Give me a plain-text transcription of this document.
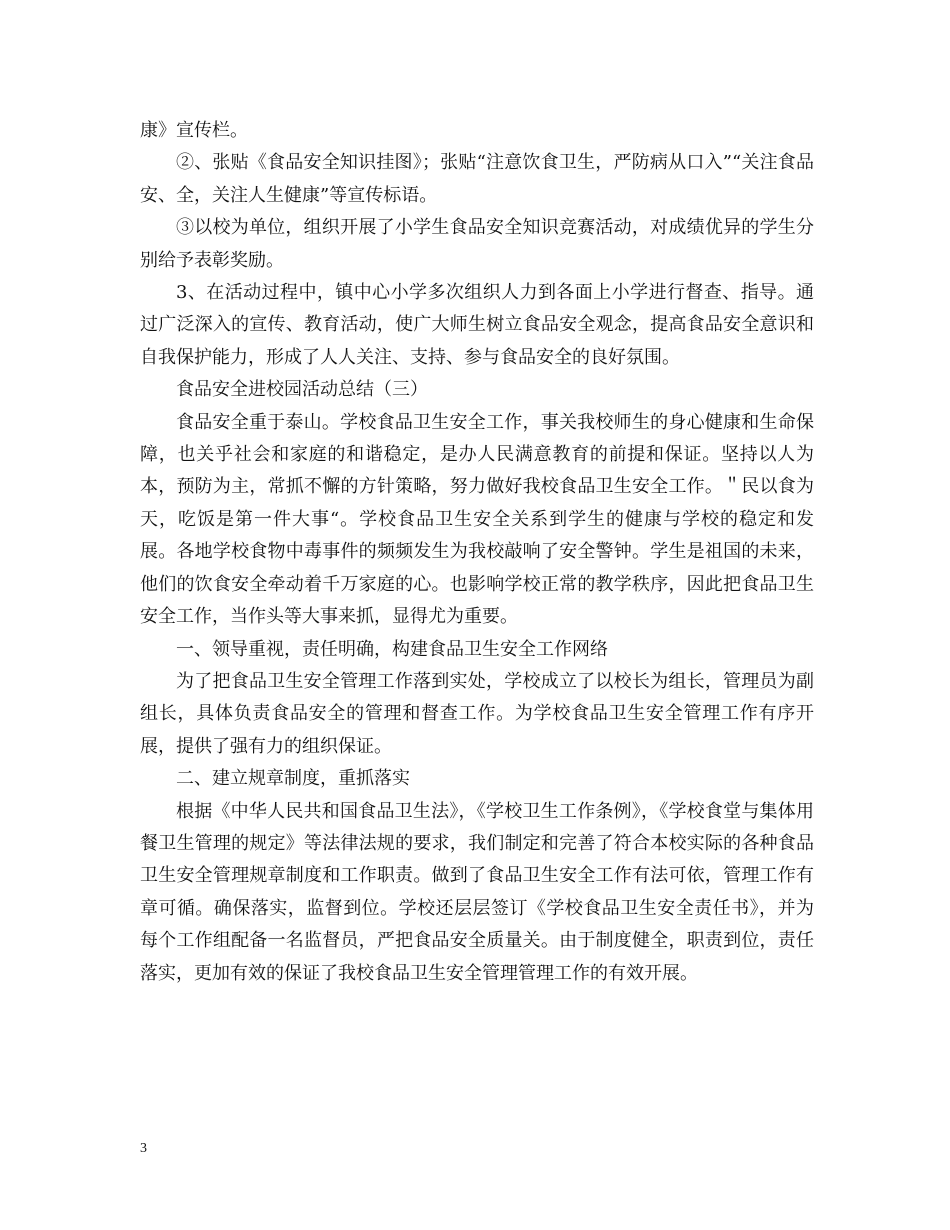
康》宣传栏。

②、张贴《食品安全知识挂图》；张贴“注意饮食卫生，严防病从口入”“关注食品安、全，关注人生健康”等宣传标语。

③以校为单位，组织开展了小学生食品安全知识竞赛活动，对成绩优异的学生分别给予表彰奖励。

3、在活动过程中，镇中心小学多次组织人力到各面上小学进行督查、指导。通过广泛深入的宣传、教育活动，使广大师生树立食品安全观念，提高食品安全意识和自我保护能力，形成了人人关注、支持、参与食品安全的良好氛围。

食品安全进校园活动总结（三）

食品安全重于泰山。学校食品卫生安全工作，事关我校师生的身心健康和生命保障，也关乎社会和家庭的和谐稳定，是办人民满意教育的前提和保证。坚持以人为本，预防为主，常抓不懈的方针策略，努力做好我校食品卫生安全工作。＂民以食为天，吃饭是第一件大事“。学校食品卫生安全关系到学生的健康与学校的稳定和发展。各地学校食物中毒事件的频频发生为我校敲响了安全警钟。学生是祖国的未来，他们的饮食安全牵动着千万家庭的心。也影响学校正常的教学秩序，因此把食品卫生安全工作，当作头等大事来抓，显得尤为重要。

一、领导重视，责任明确，构建食品卫生安全工作网络

为了把食品卫生安全管理工作落到实处，学校成立了以校长为组长，管理员为副组长，具体负责食品安全的管理和督查工作。为学校食品卫生安全管理工作有序开展，提供了强有力的组织保证。

二、建立规章制度，重抓落实

根据《中华人民共和国食品卫生法》，《学校卫生工作条例》，《学校食堂与集体用餐卫生管理的规定》等法律法规的要求，我们制定和完善了符合本校实际的各种食品卫生安全管理规章制度和工作职责。做到了食品卫生安全工作有法可依，管理工作有章可循。确保落实，监督到位。学校还层层签订《学校食品卫生安全责任书》，并为每个工作组配备一名监督员，严把食品安全质量关。由于制度健全，职责到位，责任落实，更加有效的保证了我校食品卫生安全管理管理工作的有效开展。

3
